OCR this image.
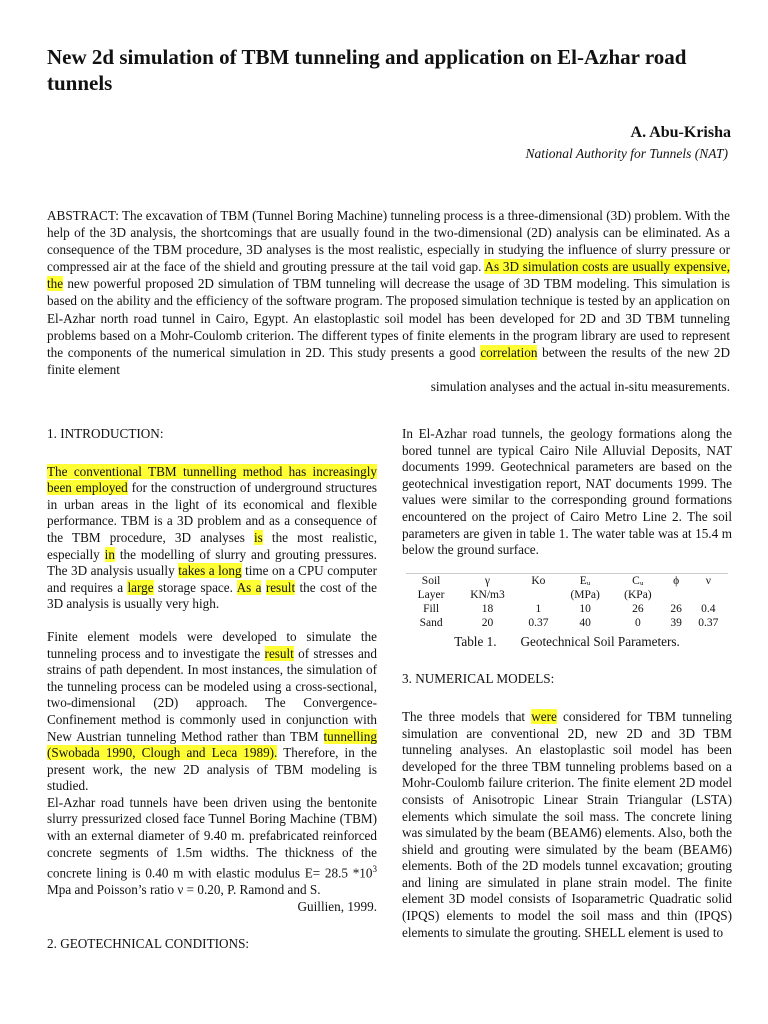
New 2d simulation of TBM tunneling and application on El-Azhar road tunnels
A. Abu-Krisha
National Authority for Tunnels (NAT)

ABSTRACT: The excavation of TBM (Tunnel Boring Machine) tunneling process is a three-dimensional (3D) problem. With the help of the 3D analysis, the shortcomings that are usually found in the two-dimensional (2D) analysis can be eliminated. As a consequence of the TBM procedure, 3D analyses is the most realistic, especially in studying the influence of slurry pressure or compressed air at the face of the shield and grouting pressure at the tail void gap. As 3D simulation costs are usually expensive, the new powerful proposed 2D simulation of TBM tunneling will decrease the usage of 3D TBM modeling. This simulation is based on the ability and the efficiency of the software program. The proposed simulation technique is tested by an application on El-Azhar north road tunnel in Cairo, Egypt. An elastoplastic soil model has been developed for 2D and 3D TBM tunneling problems based on a Mohr-Coulomb criterion. The different types of finite elements in the program library are used to represent the components of the numerical simulation in 2D. This study presents a good correlation between the results of the new 2D finite element
simulation analyses and the actual in-situ measurements.

1. INTRODUCTION:

The conventional TBM tunnelling method has increasingly been employed for the construction of underground structures in urban areas in the light of its economical and flexible performance. TBM is a 3D problem and as a consequence of the TBM procedure, 3D analyses is the most realistic, especially in the modelling of slurry and grouting pressures. The 3D analysis usually takes a long time on a CPU computer and requires a large storage space. As a result the cost of the 3D analysis is usually very high.

Finite element models were developed to simulate the tunneling process and to investigate the result of stresses and strains of path dependent. In most instances, the simulation of the tunneling process can be modeled using a cross-sectional, two-dimensional (2D) approach. The Convergence-Confinement method is commonly used in conjunction with New Austrian tunneling Method rather than TBM tunnelling (Swobada 1990, Clough and Leca 1989). Therefore, in the present work, the new 2D analysis of TBM modeling is studied.

El-Azhar road tunnels have been driven using the bentonite slurry pressurized closed face Tunnel Boring Machine (TBM) with an external diameter of 9.40 m. prefabricated reinforced concrete segments of 1.5m widths. The thickness of the concrete lining is 0.40 m with elastic modulus E= 28.5 $*10^3$ Mpa and Poisson’s ratio ν = 0.20, P. Ramond and S.
Guillien, 1999.

2. GEOTECHNICAL CONDITIONS:

In El-Azhar road tunnels, the geology formations along the bored tunnel are typical Cairo Nile Alluvial Deposits, NAT documents 1999. Geotechnical parameters are based on the geotechnical investigation report, NAT documents 1999. The values were similar to the corresponding ground formations encountered on the project of Cairo Metro Line 2. The soil parameters are given in table 1. The water table was at 15.4 m below the ground surface.

Soil	γ	Ko	Eᵤ	Cᵤ	ϕ	ν
Layer	KN/m3		(MPa)	(KPa)		
Fill	18	1	10	26	26	0.4
Sand	20	0.37	40	0	39	0.37
Table 1. Geotechnical Soil Parameters.
3. NUMERICAL MODELS:

The three models that were considered for TBM tunneling simulation are conventional 2D, new 2D and 3D TBM tunneling analyses. An elastoplastic soil model has been developed for the three TBM tunneling problems based on a Mohr-Coulomb failure criterion. The finite element 2D model consists of Anisotropic Linear Strain Triangular (LSTA) elements which simulate the soil mass. The concrete lining was simulated by the beam (BEAM6) elements. Also, both the shield and grouting were simulated by the beam (BEAM6) elements. Both of the 2D models tunnel excavation; grouting and lining are simulated in plane strain model. The finite element 3D model consists of Isoparametric Quadratic solid (IPQS) elements to model the soil mass and thin (IPQS) elements to simulate the grouting. SHELL element is used to
